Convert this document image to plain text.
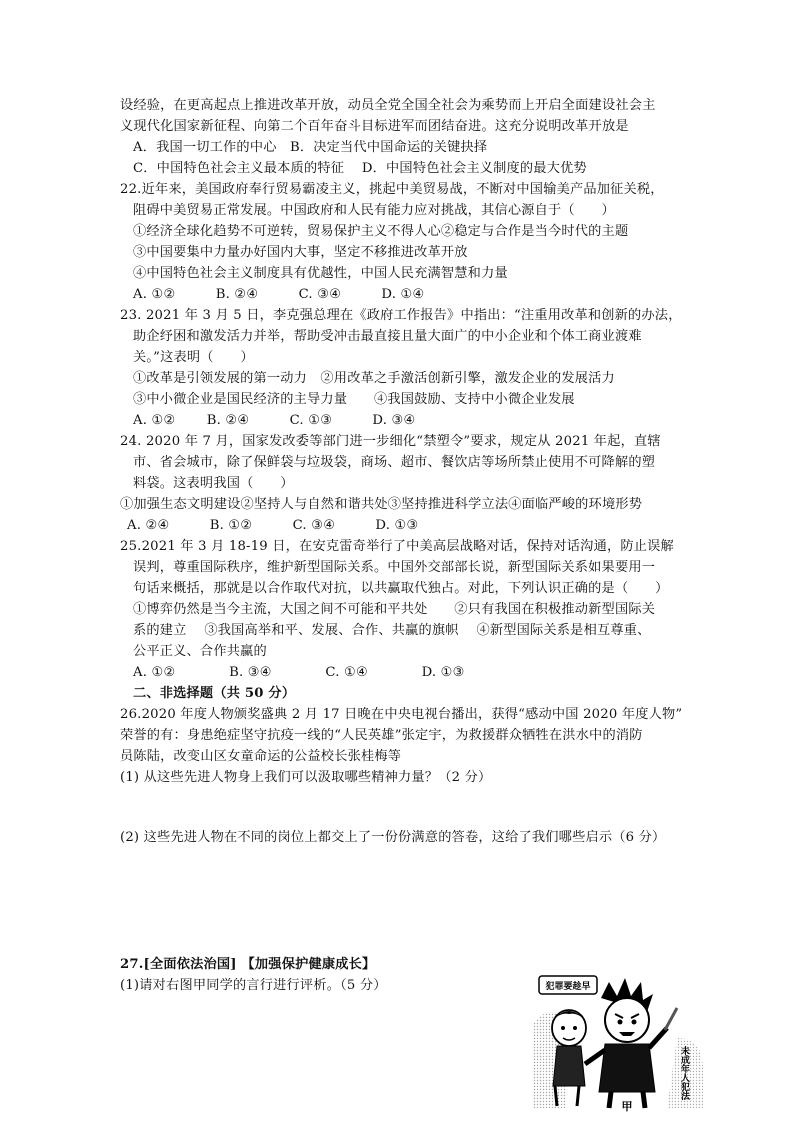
设经验，在更高起点上推进改革开放，动员全党全国全社会为乘势而上开启全面建设社会主
义现代化国家新征程、向第二个百年奋斗目标进军而团结奋进。这充分说明改革开放是
A．我国一切工作的中心　B．决定当代中国命运的关键抉择
C．中国特色社会主义最本质的特征　 D．中国特色社会主义制度的最大优势
22.近年来，美国政府奉行贸易霸凌主义，挑起中美贸易战，不断对中国输美产品加征关税，
阻碍中美贸易正常发展。中国政府和人民有能力应对挑战，其信心源自于（　　）
①经济全球化趋势不可逆转，贸易保护主义不得人心②稳定与合作是当今时代的主题
③中国要集中力量办好国内大事，坚定不移推进改革开放
④中国特色社会主义制度具有优越性，中国人民充满智慧和力量
A. ①②　　　B. ②④　　　C. ③④　　　D. ①④
23. 2021 年 3 月 5 日，李克强总理在《政府工作报告》中指出：“注重用改革和创新的办法，
助企纾困和激发活力并举，帮助受冲击最直接且量大面广的中小企业和个体工商业渡难
关。”这表明（　　）
①改革是引领发展的第一动力　②用改革之手激活创新引擎，激发企业的发展活力
③中小微企业是国民经济的主导力量　　④我国鼓励、支持中小微企业发展
A. ①②　　 B. ②④　　　C. ①③　　　D. ③④
24. 2020 年 7 月，国家发改委等部门进一步细化“禁塑令”要求，规定从 2021 年起，直辖
市、省会城市，除了保鲜袋与垃圾袋，商场、超市、餐饮店等场所禁止使用不可降解的塑
料袋。这表明我国（　　）
①加强生态文明建设②坚持人与自然和谐共处③坚持推进科学立法④面临严峻的环境形势
A. ②④　　　B. ①②　　　C. ③④　　　D. ①③
25.2021 年 3 月 18-19 日，在安克雷奇举行了中美高层战略对话，保持对话沟通，防止误解
误判，尊重国际秩序，维护新型国际关系。中国外交部部长说，新型国际关系如果要用一
句话来概括，那就是以合作取代对抗，以共赢取代独占。对此，下列认识正确的是（　　）
①博弈仍然是当今主流，大国之间不可能和平共处　　②只有我国在积极推动新型国际关
系的建立　 ③我国高举和平、发展、合作、共赢的旗帜　 ④新型国际关系是相互尊重、
公平正义、合作共赢的
A. ①②　　　　B. ③④　　　　C. ①④　　　　D. ①③
二、非选择题（共 50 分）
26.2020 年度人物颁奖盛典 2 月 17 日晚在中央电视台播出，获得“感动中国 2020 年度人物”
荣誉的有：身患绝症坚守抗疫一线的“人民英雄”张定宇，为救援群众牺牲在洪水中的消防
员陈陆，改变山区女童命运的公益校长张桂梅等
(1) 从这些先进人物身上我们可以汲取哪些精神力量？（2 分）
(2) 这些先进人物在不同的岗位上都交上了一份份满意的答卷，这给了我们哪些启示（6 分）
27.[全面依法治国] 【加强保护健康成长】
(1)请对右图甲同学的言行进行评析。（5 分）	犯罪要趁早
未成年人犯法
甲
